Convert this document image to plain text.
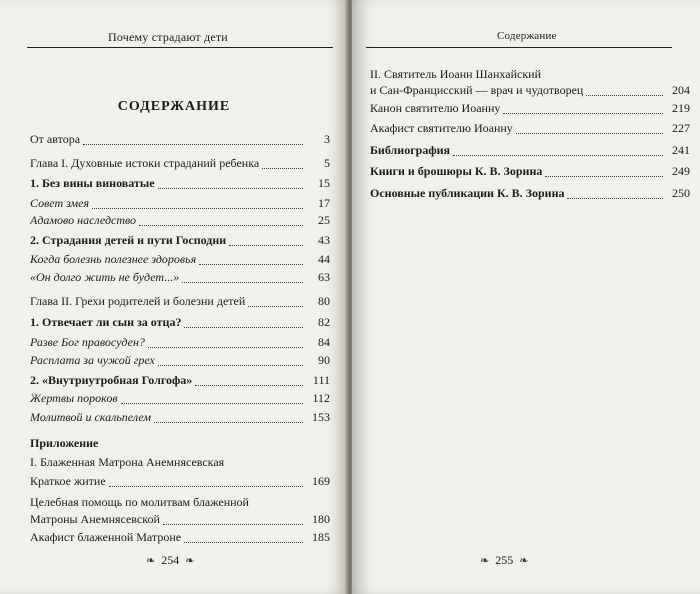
Почему страдают дети
СОДЕРЖАНИЕ
От автора	3
Глава I. Духовные истоки страданий ребенка	5
1. Без вины виноватые	15
Совет змея	17
Адамово наследство	25
2. Страдания детей и пути Господни	43
Когда болезнь полезнее здоровья	44
«Он долго жить не будет...»	63
Глава II. Грехи родителей и болезни детей	80
1. Отвечает ли сын за отца?	82
Разве Бог правосуден?	84
Расплата за чужой грех	90
2. «Внутриутробная Голгофа»	111
Жертвы пороков	112
Молитвой и скальпелем	153
Приложение
I. Блаженная Матрона Анемнясевская
Краткое житие	169
Целебная помощь по молитвам блаженной
Матроны Анемнясевской	180
Акафист блаженной Матроне	185
❧ 254 ❧
Содержание
II. Святитель Иоанн Шанхайский
и Сан-Францисский — врач и чудотворец	204
Канон святителю Иоанну	219
Акафист святителю Иоанну	227
Библиография	241
Книги и брошюры К. В. Зорина	249
Основные публикации К. В. Зорина	250
❧ 255 ❧
